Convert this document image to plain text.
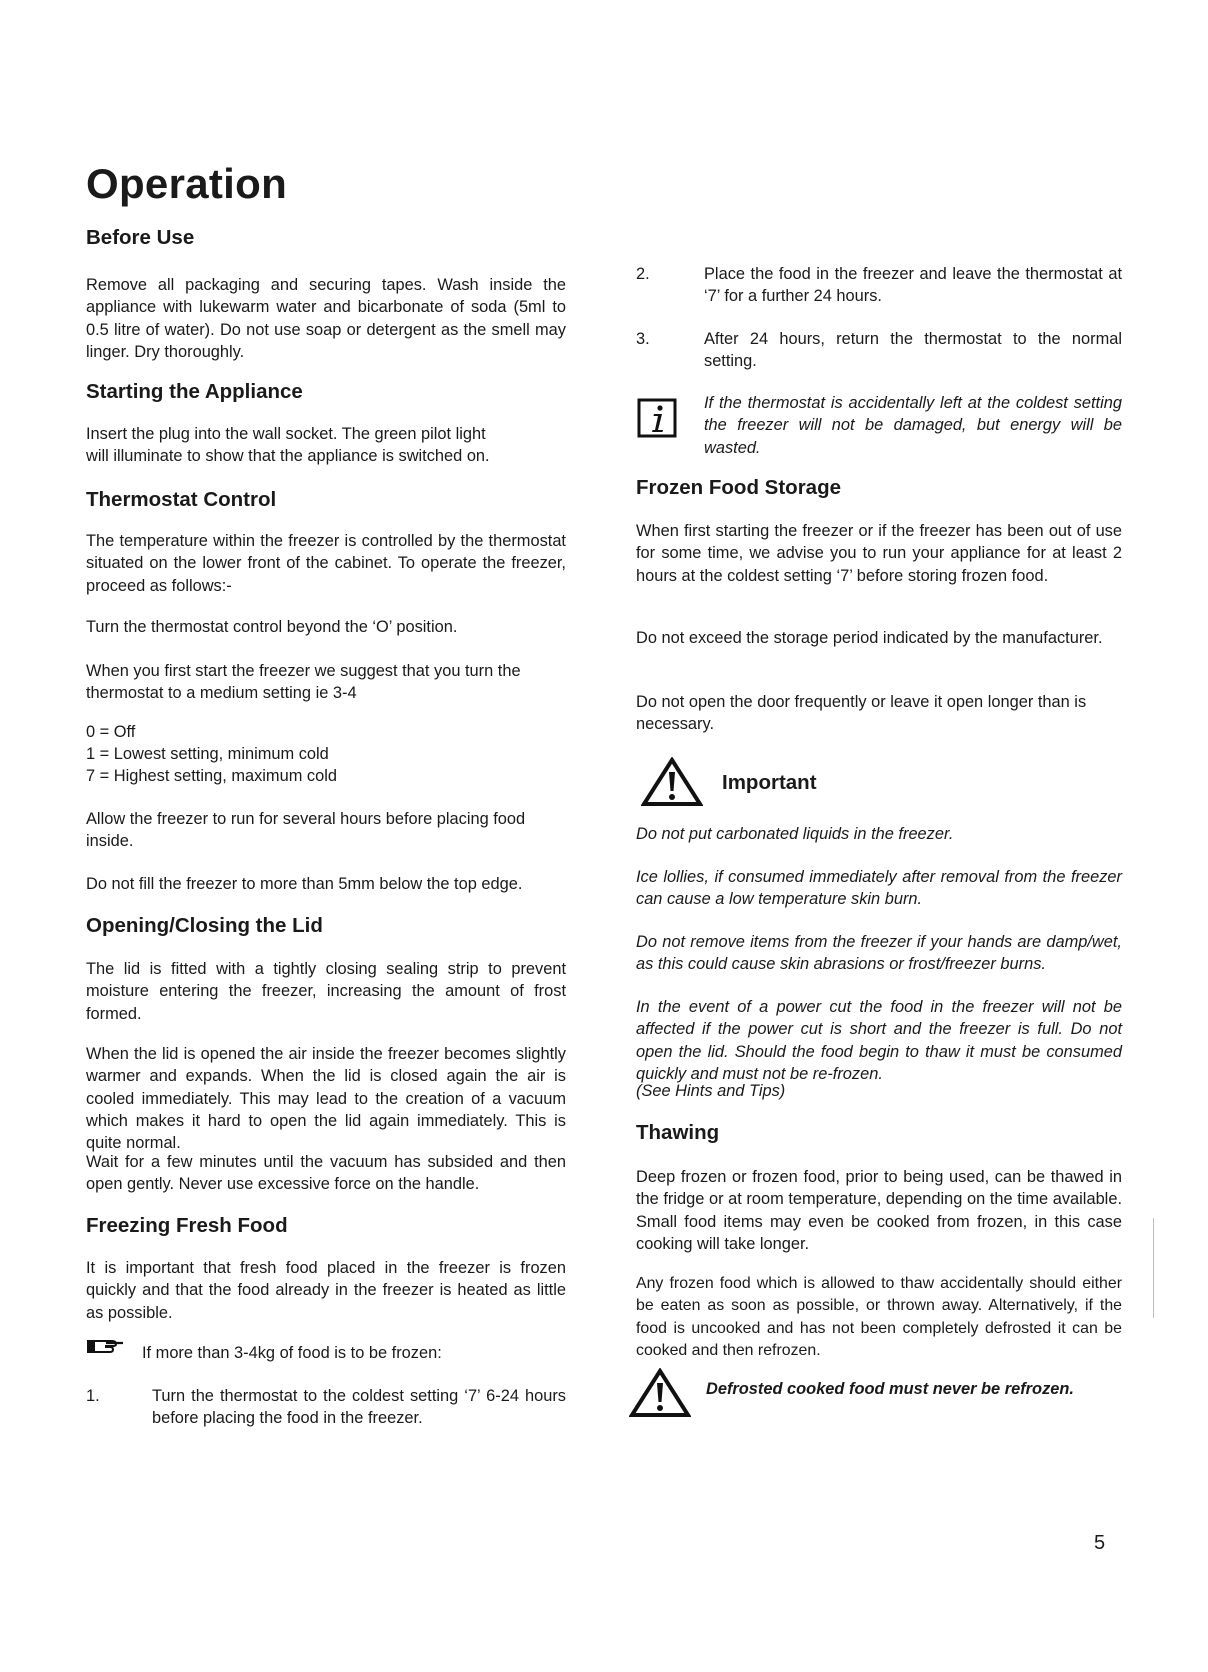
Operation
Before Use

Remove all packaging and securing tapes. Wash inside the appliance with lukewarm water and bicarbonate of soda (5ml to 0.5 litre of water). Do not use soap or detergent as the smell may linger. Dry thoroughly.

Starting the Appliance

Insert the plug into the wall socket. The green pilot light

will illuminate to show that the appliance is switched on.

Thermostat Control

The temperature within the freezer is controlled by the thermostat situated on the lower front of the cabinet. To operate the freezer, proceed as follows:-

Turn the thermostat control beyond the ‘O’ position.

When you first start the freezer we suggest that you turn the thermostat to a medium setting ie 3-4

0 = Off

1 = Lowest setting, minimum cold

7 = Highest setting, maximum cold

Allow the freezer to run for several hours before placing food inside.

Do not fill the freezer to more than 5mm below the top edge.

Opening/Closing the Lid

The lid is fitted with a tightly closing sealing strip to prevent moisture entering the freezer, increasing the amount of frost formed.

When the lid is opened the air inside the freezer becomes slightly warmer and expands. When the lid is closed again the air is cooled immediately. This may lead to the creation of a vacuum which makes it hard to open the lid again immediately. This is quite normal.

Wait for a few minutes until the vacuum has subsided and then open gently. Never use excessive force on the handle.

Freezing Fresh Food

It is important that fresh food placed in the freezer is frozen quickly and that the food already in the freezer is heated as little as possible.

If more than 3-4kg of food is to be frozen:

1.	Turn the thermostat to the coldest setting ‘7’ 6-24 hours before placing the food in the freezer.

2.	Place the food in the freezer and leave the thermostat at ‘7’ for a further 24 hours.

3.	After 24 hours, return the thermostat to the normal setting.

If the thermostat is accidentally left at the coldest setting the freezer will not be damaged, but energy will be wasted.

Frozen Food Storage

When first starting the freezer or if the freezer has been out of use for some time, we advise you to run your appliance for at least 2 hours at the coldest setting ‘7’ before storing frozen food.

Do not exceed the storage period indicated by the manufacturer.

Do not open the door frequently or leave it open longer than is necessary.

Important

Do not put carbonated liquids in the freezer.

Ice lollies, if consumed immediately after removal from the freezer can cause a low temperature skin burn.

Do not remove items from the freezer if your hands are damp/wet, as this could cause skin abrasions or frost/freezer burns.

In the event of a power cut the food in the freezer will not be affected if the power cut is short and the freezer is full. Do not open the lid. Should the food begin to thaw it must be consumed quickly and must not be re-frozen.

(See Hints and Tips)

Thawing

Deep frozen or frozen food, prior to being used, can be thawed in the fridge or at room temperature, depending on the time available. Small food items may even be cooked from frozen, in this case cooking will take longer.

Any frozen food which is allowed to thaw accidentally should either be eaten as soon as possible, or thrown away. Alternatively, if the food is uncooked and has not been completely defrosted it can be cooked and then refrozen.

Defrosted cooked food must never be refrozen.

5
